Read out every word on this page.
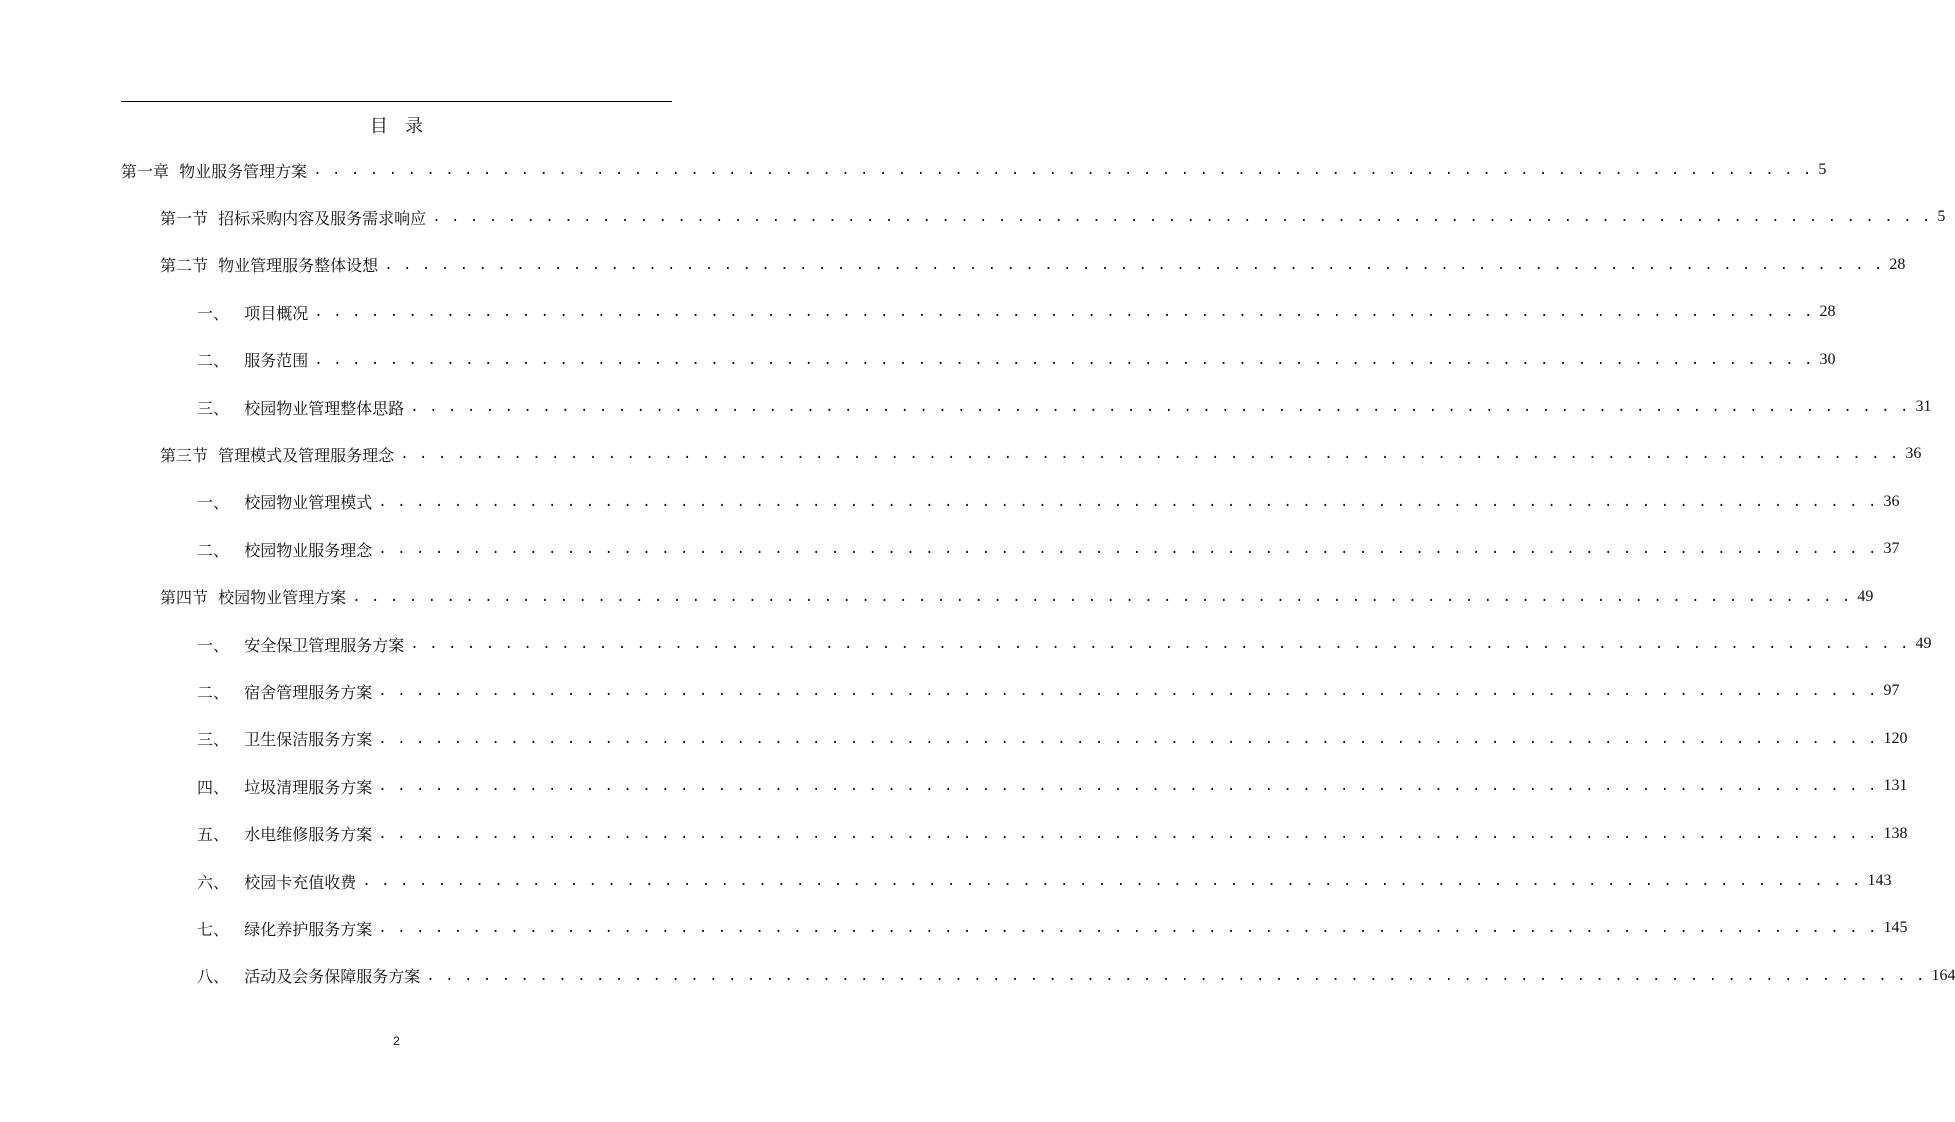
目   录
第一章  物业服务管理方案 . . . . . . . . . . . . . . . . . . . . . . . . . . . . . . . . . . . . . . . . . . . . . . . . . . . . . . . . . . . . . . . . . . . . . . . . . . . . . . . . 5
第一节  招标采购内容及服务需求响应 . . . . . . . . . . . . . . . . . . . . . . . . . . . . . . . . . . . . . . . . . . . . . . . . . . . . . . . . . . . . . . . . . . . . . . . . . . . . . . . . 5
第二节  物业管理服务整体设想 . . . . . . . . . . . . . . . . . . . . . . . . . . . . . . . . . . . . . . . . . . . . . . . . . . . . . . . . . . . . . . . . . . . . . . . . . . . . . . . . 28
一、   项目概况 . . . . . . . . . . . . . . . . . . . . . . . . . . . . . . . . . . . . . . . . . . . . . . . . . . . . . . . . . . . . . . . . . . . . . . . . . . . . . . . . 28
二、   服务范围 . . . . . . . . . . . . . . . . . . . . . . . . . . . . . . . . . . . . . . . . . . . . . . . . . . . . . . . . . . . . . . . . . . . . . . . . . . . . . . . . 30
三、   校园物业管理整体思路 . . . . . . . . . . . . . . . . . . . . . . . . . . . . . . . . . . . . . . . . . . . . . . . . . . . . . . . . . . . . . . . . . . . . . . . . . . . . . . . . 31
第三节  管理模式及管理服务理念 . . . . . . . . . . . . . . . . . . . . . . . . . . . . . . . . . . . . . . . . . . . . . . . . . . . . . . . . . . . . . . . . . . . . . . . . . . . . . . . . 36
一、   校园物业管理模式 . . . . . . . . . . . . . . . . . . . . . . . . . . . . . . . . . . . . . . . . . . . . . . . . . . . . . . . . . . . . . . . . . . . . . . . . . . . . . . . . 36
二、   校园物业服务理念 . . . . . . . . . . . . . . . . . . . . . . . . . . . . . . . . . . . . . . . . . . . . . . . . . . . . . . . . . . . . . . . . . . . . . . . . . . . . . . . . 37
第四节  校园物业管理方案 . . . . . . . . . . . . . . . . . . . . . . . . . . . . . . . . . . . . . . . . . . . . . . . . . . . . . . . . . . . . . . . . . . . . . . . . . . . . . . . . 49
一、   安全保卫管理服务方案 . . . . . . . . . . . . . . . . . . . . . . . . . . . . . . . . . . . . . . . . . . . . . . . . . . . . . . . . . . . . . . . . . . . . . . . . . . . . . . . . 49
二、   宿舍管理服务方案 . . . . . . . . . . . . . . . . . . . . . . . . . . . . . . . . . . . . . . . . . . . . . . . . . . . . . . . . . . . . . . . . . . . . . . . . . . . . . . . . 97
三、   卫生保洁服务方案 . . . . . . . . . . . . . . . . . . . . . . . . . . . . . . . . . . . . . . . . . . . . . . . . . . . . . . . . . . . . . . . . . . . . . . . . . . . . . . . . 120
四、   垃圾清理服务方案 . . . . . . . . . . . . . . . . . . . . . . . . . . . . . . . . . . . . . . . . . . . . . . . . . . . . . . . . . . . . . . . . . . . . . . . . . . . . . . . . 131
五、   水电维修服务方案 . . . . . . . . . . . . . . . . . . . . . . . . . . . . . . . . . . . . . . . . . . . . . . . . . . . . . . . . . . . . . . . . . . . . . . . . . . . . . . . . 138
六、   校园卡充值收费 . . . . . . . . . . . . . . . . . . . . . . . . . . . . . . . . . . . . . . . . . . . . . . . . . . . . . . . . . . . . . . . . . . . . . . . . . . . . . . . . 143
七、   绿化养护服务方案 . . . . . . . . . . . . . . . . . . . . . . . . . . . . . . . . . . . . . . . . . . . . . . . . . . . . . . . . . . . . . . . . . . . . . . . . . . . . . . . . 145
八、   活动及会务保障服务方案 . . . . . . . . . . . . . . . . . . . . . . . . . . . . . . . . . . . . . . . . . . . . . . . . . . . . . . . . . . . . . . . . . . . . . . . . . . . . . . . . 164
2
